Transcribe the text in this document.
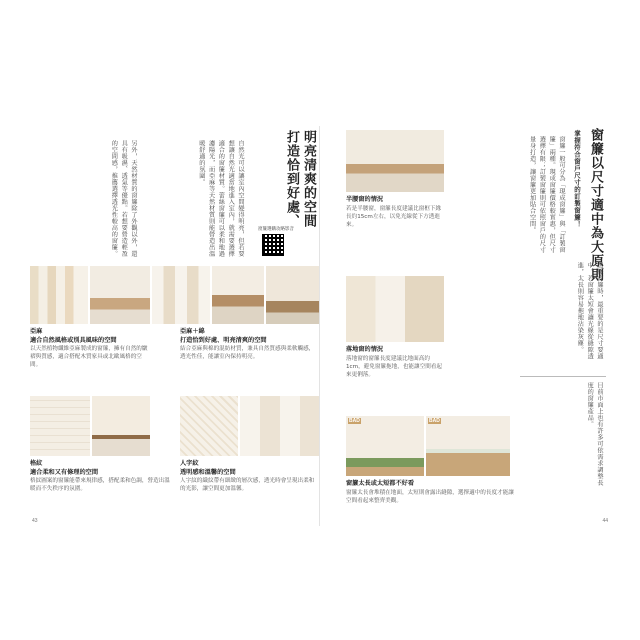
打造恰到好處、 明亮清爽的空間
自然光可以讓室內空間變得明亮，但若要想讓自然光適當地進入室內，就需要選擇適合的窗簾材質。蕾絲窗簾可以柔和地過濾陽光，而亞麻等天然材質則能營造出溫暖舒適的氛圍。
另外，天然材質的窗簾除了外觀以外，還具有吸濕、透氣等優點。若想要營造輕盈的空間感，推薦選擇透光性較高的窗簾。	窗簾選購攻略影音
亞麻
適合自然風格或別具風味的空間
以天然植物纖維亞麻製成的窗簾，擁有自然的皺褶與質感，適合搭配木質家具或北歐風格的空間。
亞麻＋綿
打造恰到好處、明亮清爽的空間
結合亞麻與棉的混紡材質，兼具自然質感與柔軟觸感，透光性佳，能讓室內保持明亮。
格紋
適合柔和又有條理的空間
格紋圖案的窗簾能帶來規律感，搭配柔和色調，營造出溫暖而不失秩序的氛圍。
人字紋
透明感和溫馨的空間
人字紋的織紋帶有細緻的層次感，透光時會呈現出柔和的光影，讓空間更加溫馨。
43
半腰窗的情況
若是半腰窗，窗簾長度建議比窗框下緣長約15cm左右，以免光線從下方透進來。
落地窗的情況
落地窗的窗簾長度建議比地面高約1cm，避免窗簾拖地，也能讓空間看起來更俐落。
BAD	BAD
窗簾太長或太短都不好看
窗簾太長會堆積在地面，太短則會露出縫隙，選擇適中的長度才能讓空間看起來整齊美觀。
窗簾以尺寸適中為大原則
掌握符合窗戶尺寸的訂製窗簾！
窗簾一般可分為「現成窗簾」與「訂製窗簾」兩種。現成窗簾價格較實惠，但尺寸選擇有限；訂製窗簾則可依照窗戶的尺寸量身打造，讓窗簾更加貼合空間。
選擇窗簾時，最重要的是尺寸要適中。若窗簾太短會讓光線從縫隙透進，太長則容易拖地沾染灰塵。
目前市面上也有許多可依需求調整長度的窗簾產品。
44
